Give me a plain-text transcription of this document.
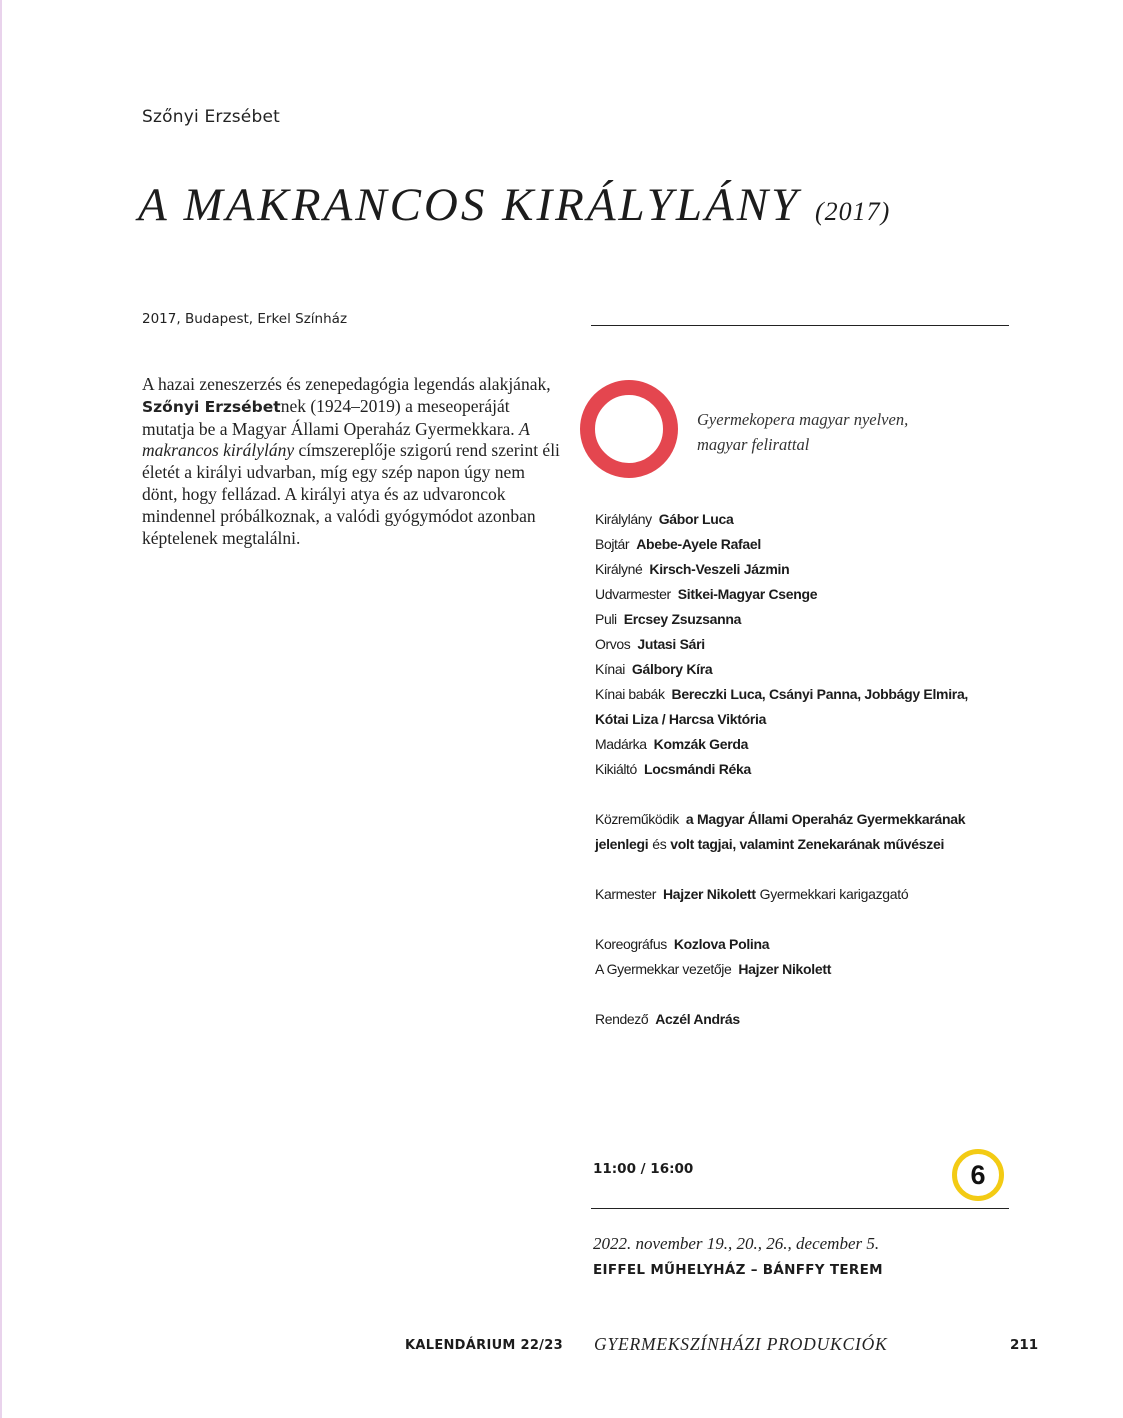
Szőnyi Erzsébet
A MAKRANCOS KIRÁLYLÁNY (2017)
2017, Budapest, Erkel Színház
A hazai zeneszerzés és zenepedagógia legendás alakjának, Szőnyi Erzsébetnek (1924–2019) a meseoperáját mutatja be a Magyar Állami Operaház Gyermekkara. A makrancos királylány címszereplője szigorú rend szerint éli életét a királyi udvarban, míg egy szép napon úgy nem dönt, hogy fellázad. A királyi atya és az udvaroncok mindennel próbálkoznak, a valódi gyógymódot azonban képtelenek megtalálni.
Gyermekopera magyar nyelven,
magyar felirattal
Királylány Gábor Luca
Bojtár Abebe-Ayele Rafael
Királyné Kirsch-Veszeli Jázmin
Udvarmester Sitkei-Magyar Csenge
Puli Ercsey Zsuzsanna
Orvos Jutasi Sári
Kínai Gálbory Kíra
Kínai babák Bereczki Luca, Csányi Panna, Jobbágy Elmira,
Kótai Liza / Harcsa Viktória
Madárka Komzák Gerda
Kikiáltó Locsmándi Réka
Közreműködik a Magyar Állami Operaház Gyermekkarának
jelenlegi és volt tagjai, valamint Zenekarának művészei
Karmester Hajzer Nikolett Gyermekkari karigazgató
Koreográfus Kozlova Polina
A Gyermekkar vezetője Hajzer Nikolett
Rendező Aczél András
11:00 / 16:00	6
2022. november 19., 20., 26., december 5.
EIFFEL MŰHELYHÁZ – BÁNFFY TEREM
KALENDÁRIUM 22/23 GYERMEKSZÍNHÁZI PRODUKCIÓK	211
